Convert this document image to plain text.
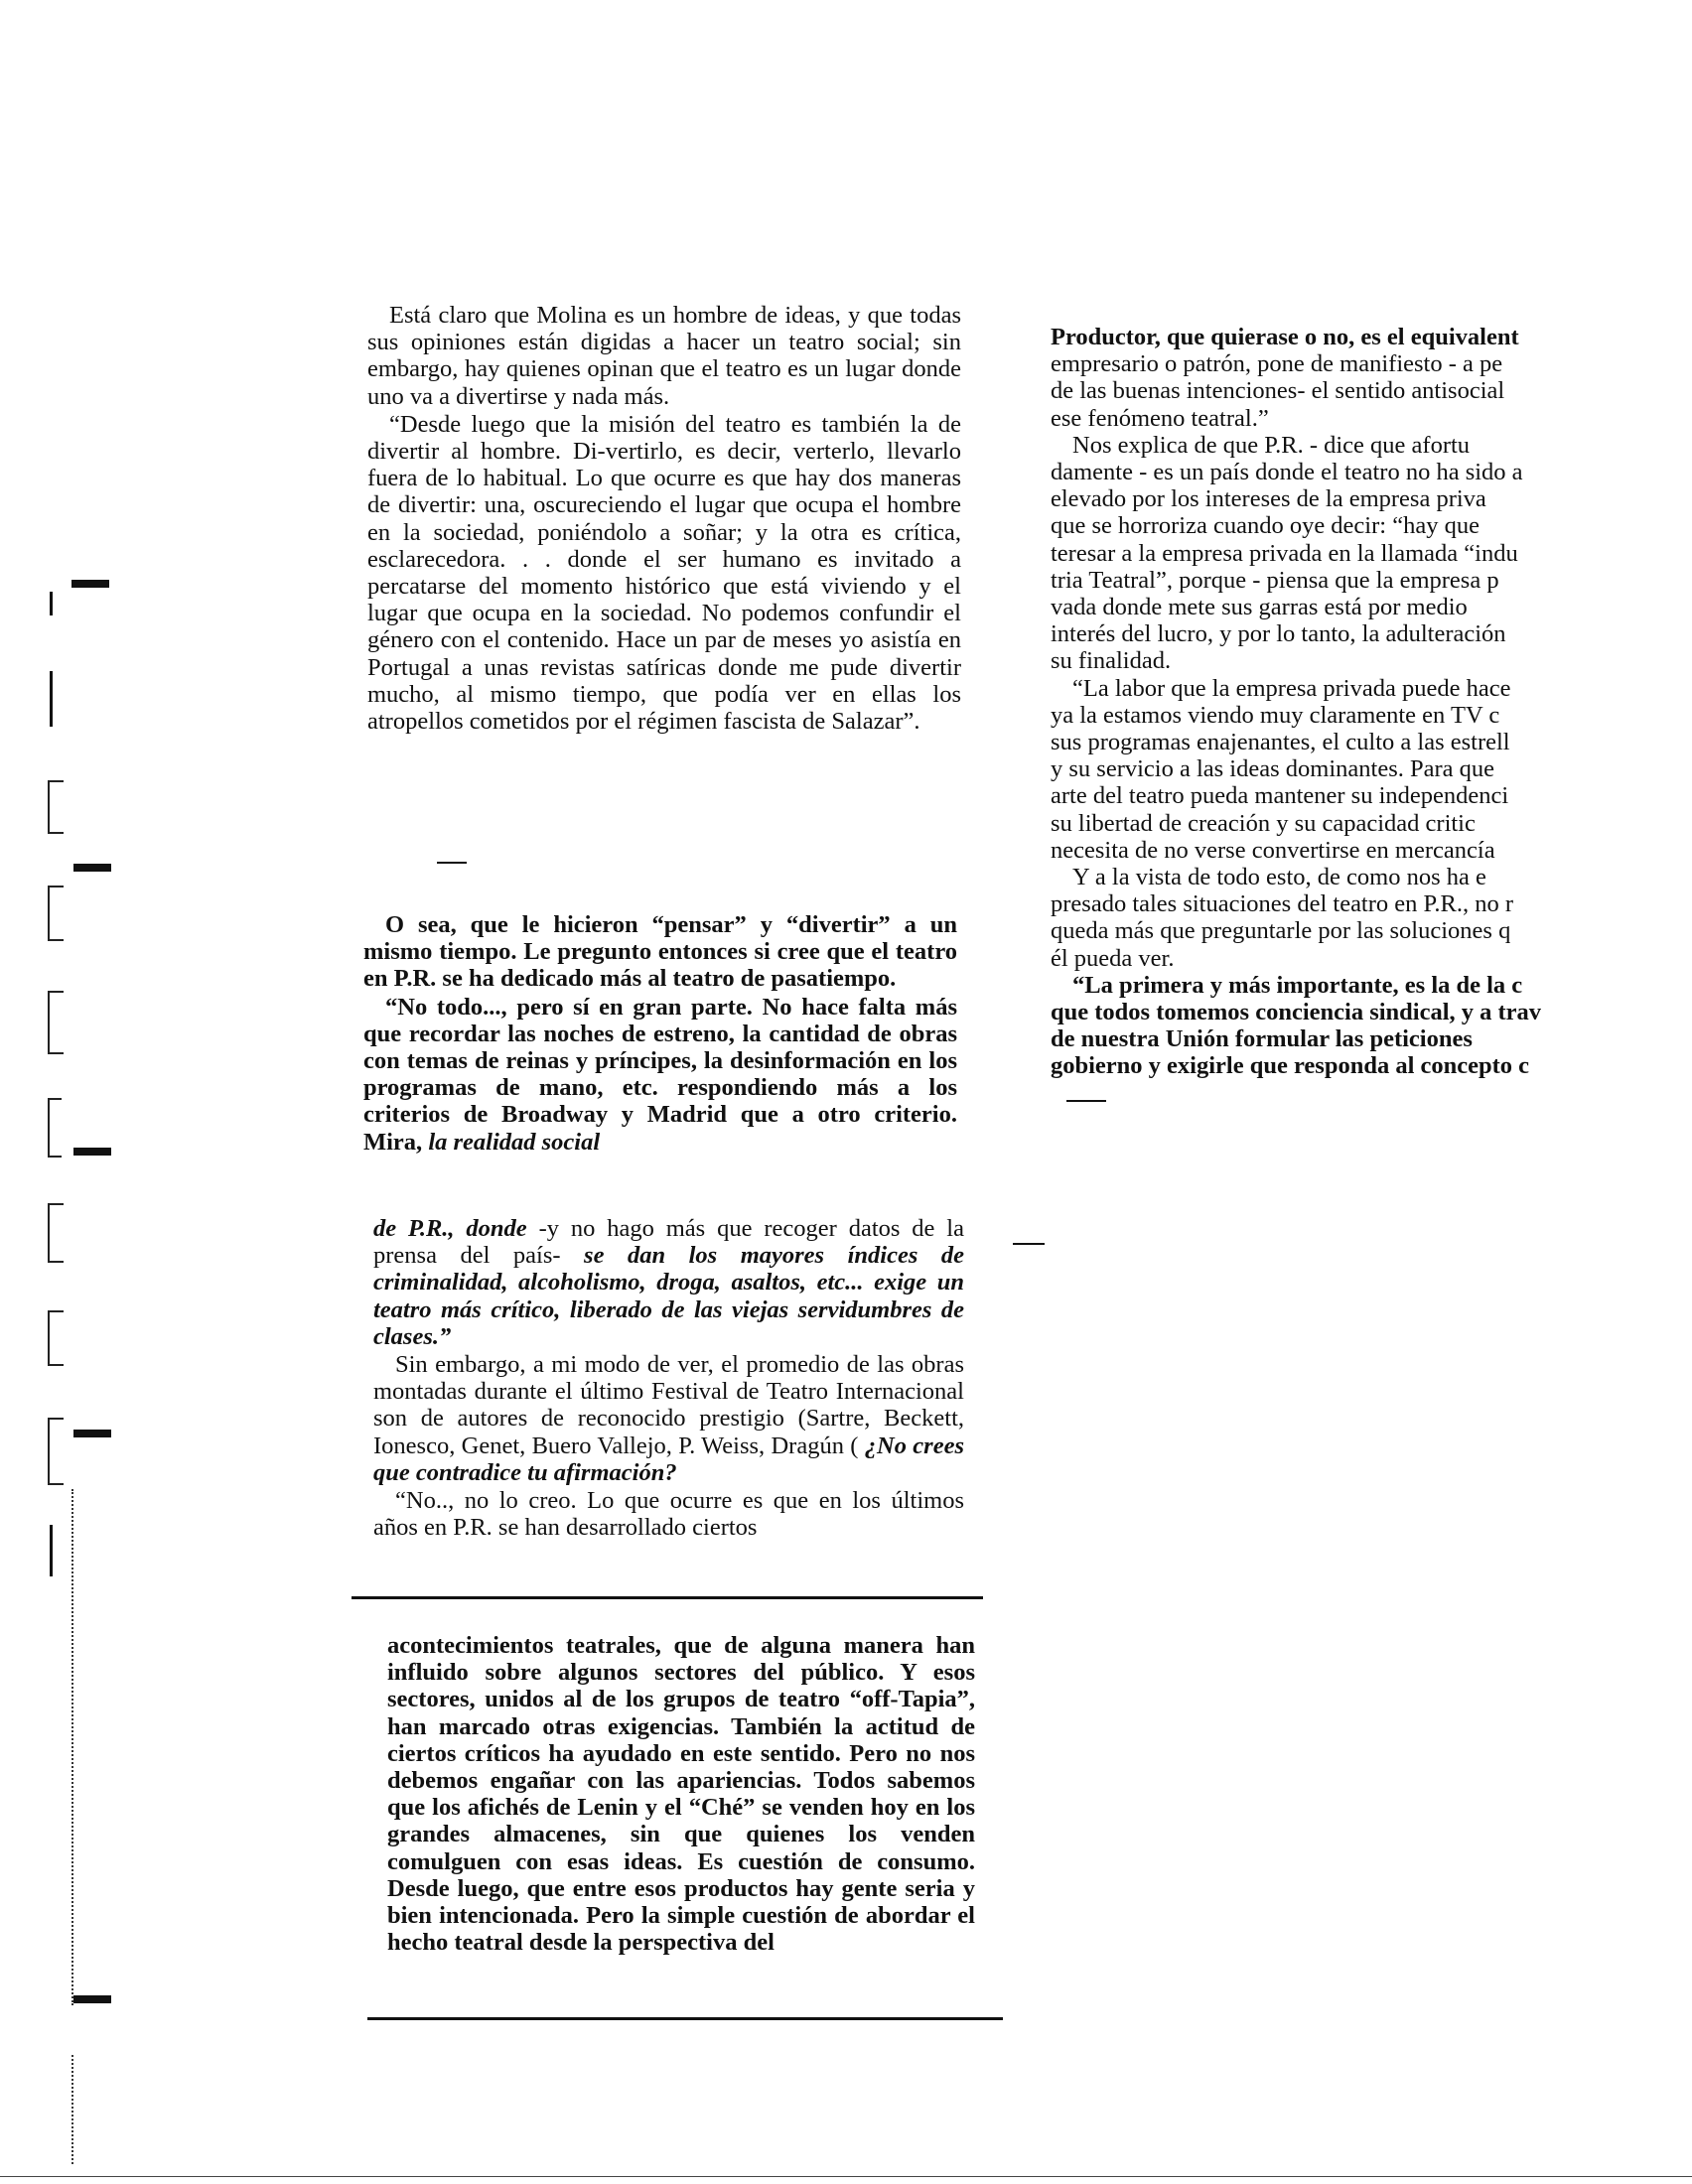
Está claro que Molina es un hombre de ideas, y que todas sus opiniones están digidas a hacer un teatro social; sin embargo, hay quienes opinan que el teatro es un lugar donde uno va a divertirse y nada más.

“Desde luego que la misión del teatro es también la de divertir al hombre. Di-vertirlo, es decir, verterlo, llevarlo fuera de lo habitual. Lo que ocurre es que hay dos maneras de divertir: una, oscureciendo el lugar que ocupa el hombre en la sociedad, poniéndolo a soñar; y la otra es crítica, esclarecedora. . . donde el ser humano es invitado a percatarse del momento histórico que está viviendo y el lugar que ocupa en la sociedad. No podemos confundir el género con el contenido. Hace un par de meses yo asistía en Portugal a unas revistas satíricas donde me pude divertir mucho, al mismo tiempo, que podía ver en ellas los atropellos cometidos por el régimen fascista de Salazar”.

O sea, que le hicieron “pensar” y “divertir” a un mismo tiempo. Le pregunto entonces si cree que el teatro en P.R. se ha dedicado más al teatro de pasatiempo.

“No todo..., pero sí en gran parte. No hace falta más que recordar las noches de estreno, la cantidad de obras con temas de reinas y príncipes, la desinformación en los programas de mano, etc. respondiendo más a los criterios de Broadway y Madrid que a otro criterio. Mira, la realidad social

de P.R., donde -y no hago más que recoger datos de la prensa del país- se dan los mayores índices de criminalidad, alcoholismo, droga, asaltos, etc... exige un teatro más crítico, liberado de las viejas servidumbres de clases.”

Sin embargo, a mi modo de ver, el promedio de las obras montadas durante el último Festival de Teatro Internacional son de autores de reconocido prestigio (Sartre, Beckett, Ionesco, Genet, Buero Vallejo, P. Weiss, Dragún ( ¿No crees que contradice tu afirmación?

“No.., no lo creo. Lo que ocurre es que en los últimos años en P.R. se han desarrollado ciertos

acontecimientos teatrales, que de alguna manera han influido sobre algunos sectores del público. Y esos sectores, unidos al de los grupos de teatro “off-Tapia”, han marcado otras exigencias. También la actitud de ciertos críticos ha ayudado en este sentido. Pero no nos debemos engañar con las apariencias. Todos sabemos que los afichés de Lenin y el “Ché” se venden hoy en los grandes almacenes, sin que quienes los venden comulguen con esas ideas. Es cuestión de consumo. Desde luego, que entre esos productos hay gente seria y bien intencionada. Pero la simple cuestión de abordar el hecho teatral desde la perspectiva del

Productor, que quierase o no, es el equivalent
empresario o patrón, pone de manifiesto - a pe
de las buenas intenciones- el sentido antisocial
ese fenómeno teatral.”
Nos explica de que P.R. - dice que afortu
damente - es un país donde el teatro no ha sido a
elevado por los intereses de la empresa priva
que se horroriza cuando oye decir: “hay que
teresar a la empresa privada en la llamada “indu
tria Teatral”, porque - piensa que la empresa p
vada donde mete sus garras está por medio
interés del lucro, y por lo tanto, la adulteración
su finalidad.
“La labor que la empresa privada puede hace
ya la estamos viendo muy claramente en TV c
sus programas enajenantes, el culto a las estrell
y su servicio a las ideas dominantes. Para que
arte del teatro pueda mantener su independenci
su libertad de creación y su capacidad critic
necesita de no verse convertirse en mercancía
Y a la vista de todo esto, de como nos ha e
presado tales situaciones del teatro en P.R., no r
queda más que preguntarle por las soluciones q
él pueda ver.
“La primera y más importante, es la de la c
que todos tomemos conciencia sindical, y a trav
de nuestra Unión formular las peticiones
gobierno y exigirle que responda al concepto c
